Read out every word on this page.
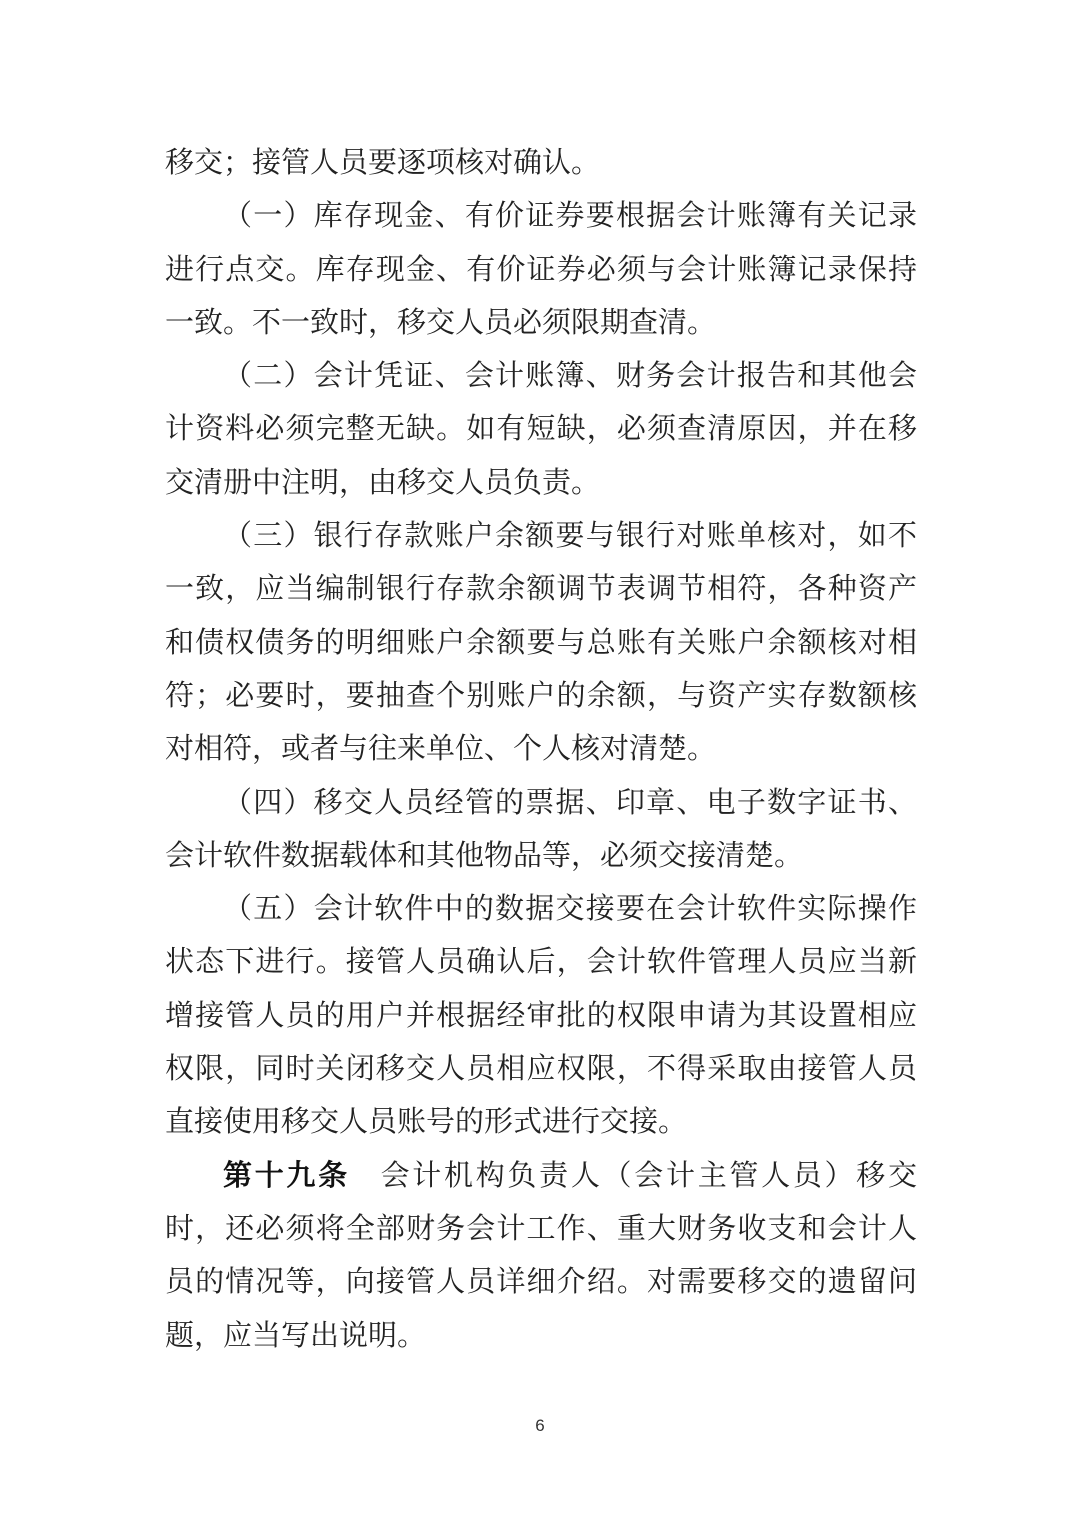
移交；接管人员要逐项核对确认。

（一）库存现金、有价证券要根据会计账簿有关记录进行点交。库存现金、有价证券必须与会计账簿记录保持一致。不一致时，移交人员必须限期查清。

（二）会计凭证、会计账簿、财务会计报告和其他会计资料必须完整无缺。如有短缺，必须查清原因，并在移交清册中注明，由移交人员负责。

（三）银行存款账户余额要与银行对账单核对，如不一致，应当编制银行存款余额调节表调节相符，各种资产和债权债务的明细账户余额要与总账有关账户余额核对相符；必要时，要抽查个别账户的余额，与资产实存数额核对相符，或者与往来单位、个人核对清楚。

（四）移交人员经管的票据、印章、电子数字证书、会计软件数据载体和其他物品等，必须交接清楚。

（五）会计软件中的数据交接要在会计软件实际操作状态下进行。接管人员确认后，会计软件管理人员应当新增接管人员的用户并根据经审批的权限申请为其设置相应权限，同时关闭移交人员相应权限，不得采取由接管人员直接使用移交人员账号的形式进行交接。

第十九条 会计机构负责人（会计主管人员）移交时，还必须将全部财务会计工作、重大财务收支和会计人员的情况等，向接管人员详细介绍。对需要移交的遗留问题，应当写出说明。

6
